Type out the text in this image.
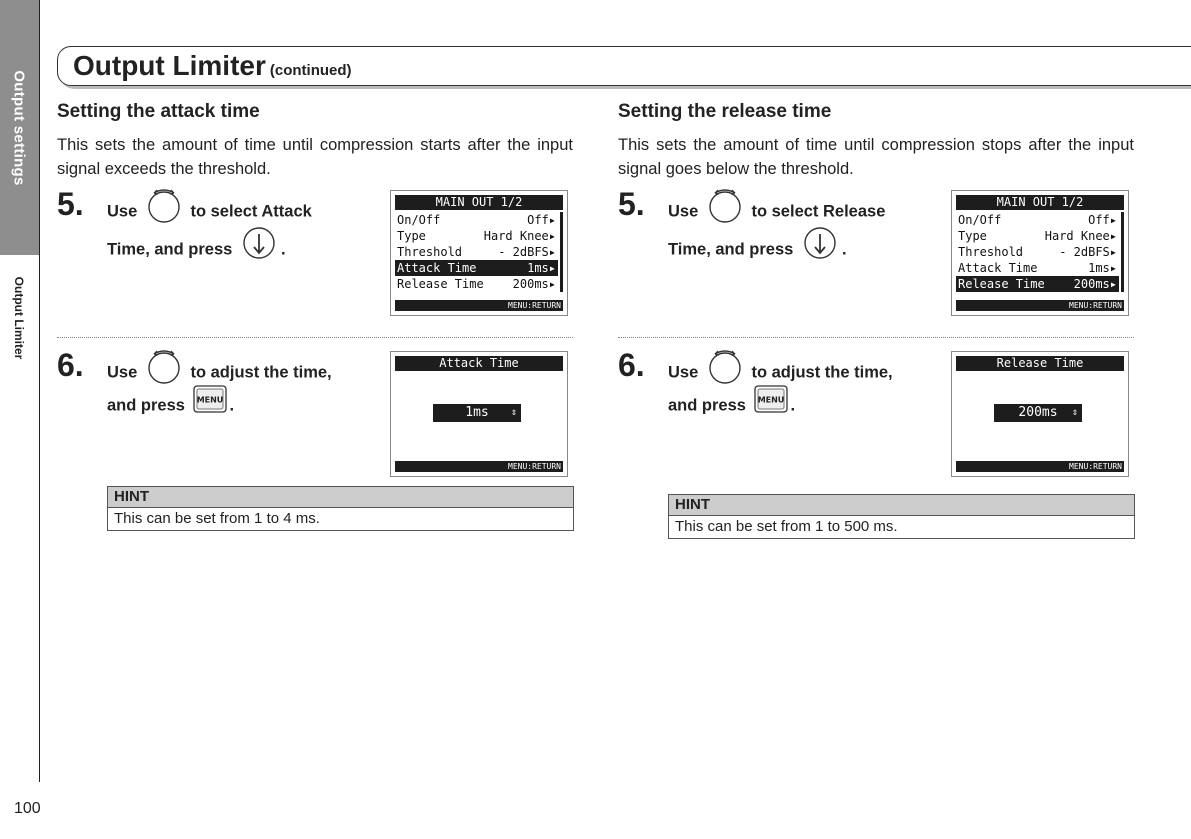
Output settings
Output Limiter
Output Limiter (continued)
Setting the attack time
This sets the amount of time until compression starts after the input signal exceeds the threshold.
5. Use	to select Attack
Time, and press	.
MAIN OUT 1/2
On/Off	Off▸
Type	Hard Knee▸
Threshold	- 2dBFS▸
Attack Time	1ms▸
Release Time 200ms▸
MENU:RETURN
6. Use	to adjust the time,
and press MENU .
Attack Time
1ms ⇕
MENU:RETURN
HINT
This can be set from 1 to 4 ms.
Setting the release time
This sets the amount of time until compression stops after the input signal goes below the threshold.
5. Use	to select Release
Time, and press	.
MAIN OUT 1/2
On/Off	Off▸
Type	Hard Knee▸
Threshold	- 2dBFS▸
Attack Time	1ms▸
Release Time 200ms▸
MENU:RETURN
6. Use	to adjust the time,
and press MENU .
Release Time
200ms ⇕
MENU:RETURN
HINT
This can be set from 1 to 500 ms.
100
